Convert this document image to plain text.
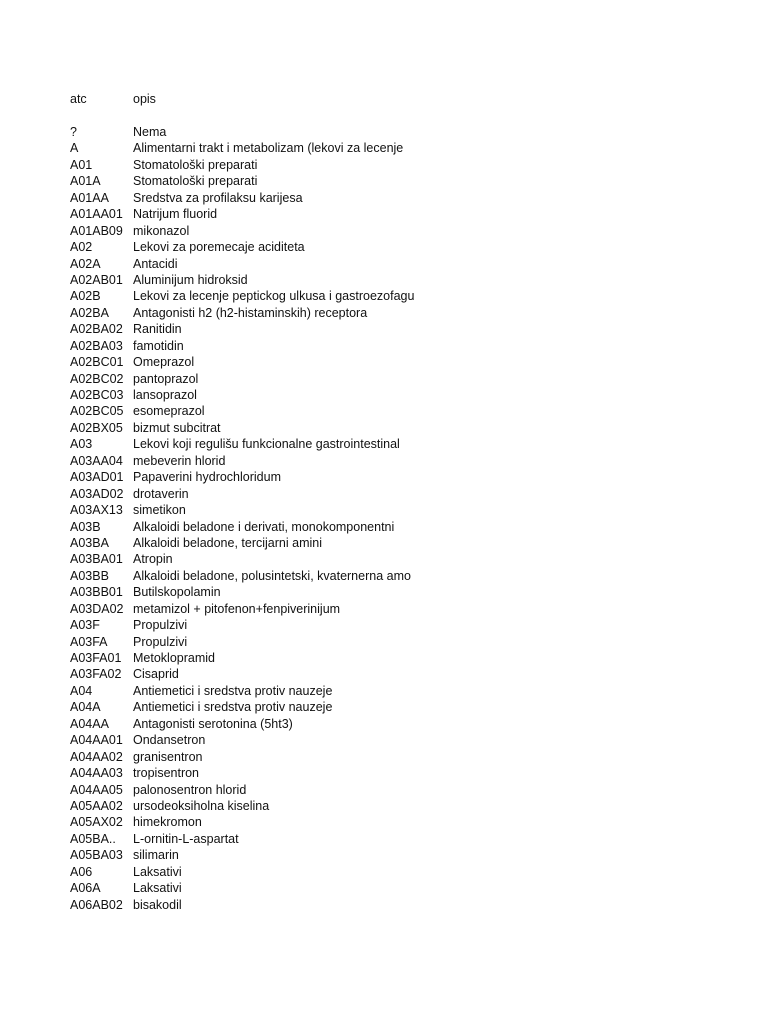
atc	opis
?	Nema
A	Alimentarni trakt i metabolizam (lekovi za lecenje
A01	Stomatološki preparati
A01A	Stomatološki preparati
A01AA	Sredstva za profilaksu karijesa
A01AA01 Natrijum fluorid
A01AB09 mikonazol
A02	Lekovi za poremecaje aciditeta
A02A	Antacidi
A02AB01 Aluminijum hidroksid
A02B	Lekovi za lecenje peptickog ulkusa i gastroezofagu
A02BA	Antagonisti h2 (h2-histaminskih) receptora
A02BA02 Ranitidin
A02BA03 famotidin
A02BC01 Omeprazol
A02BC02 pantoprazol
A02BC03 lansoprazol
A02BC05 esomeprazol
A02BX05 bizmut subcitrat
A03	Lekovi koji regulišu funkcionalne gastrointestinal
A03AA04 mebeverin hlorid
A03AD01 Papaverini hydrochloridum
A03AD02 drotaverin
A03AX13 simetikon
A03B	Alkaloidi beladone i derivati, monokomponentni
A03BA	Alkaloidi beladone, tercijarni amini
A03BA01 Atropin
A03BB	Alkaloidi beladone, polusintetski, kvaternerna amo
A03BB01 Butilskopolamin
A03DA02 metamizol + pitofenon+fenpiverinijum
A03F	Propulzivi
A03FA	Propulzivi
A03FA01 Metoklopramid
A03FA02 Cisaprid
A04	Antiemetici i sredstva protiv nauzeje
A04A	Antiemetici i sredstva protiv nauzeje
A04AA	Antagonisti serotonina (5ht3)
A04AA01 Ondansetron
A04AA02 granisentron
A04AA03 tropisentron
A04AA05 palonosentron hlorid
A05AA02 ursodeoksiholna kiselina
A05AX02 himekromon
A05BA..	L-ornitin-L-aspartat
A05BA03 silimarin
A06	Laksativi
A06A	Laksativi
A06AB02 bisakodil
